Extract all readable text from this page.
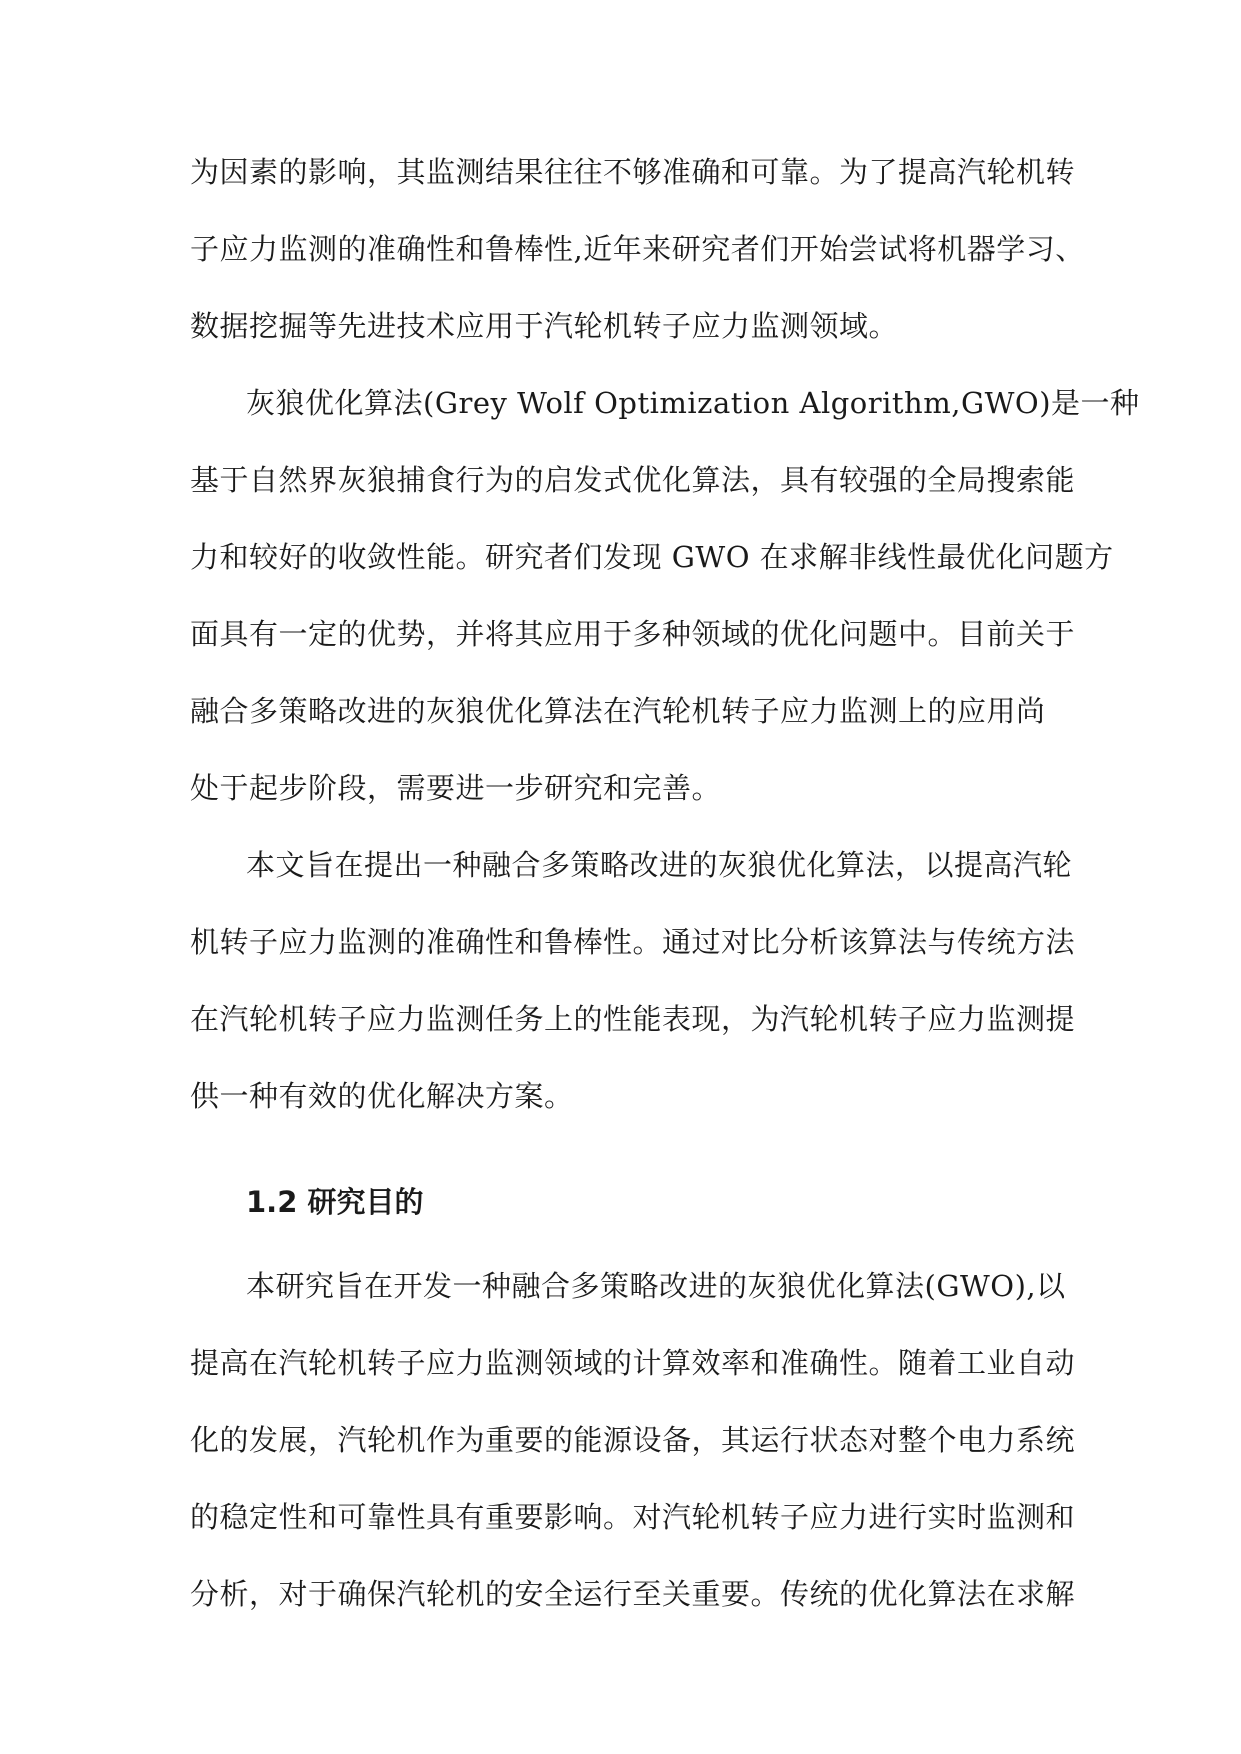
为因素的影响，其监测结果往往不够准确和可靠。为了提高汽轮机转
子应力监测的准确性和鲁棒性,近年来研究者们开始尝试将机器学习、
数据挖掘等先进技术应用于汽轮机转子应力监测领域。
灰狼优化算法(Grey Wolf Optimization Algorithm,GWO)是一种
基于自然界灰狼捕食行为的启发式优化算法，具有较强的全局搜索能
力和较好的收敛性能。研究者们发现 GWO 在求解非线性最优化问题方
面具有一定的优势，并将其应用于多种领域的优化问题中。目前关于
融合多策略改进的灰狼优化算法在汽轮机转子应力监测上的应用尚
处于起步阶段，需要进一步研究和完善。
本文旨在提出一种融合多策略改进的灰狼优化算法，以提高汽轮
机转子应力监测的准确性和鲁棒性。通过对比分析该算法与传统方法
在汽轮机转子应力监测任务上的性能表现，为汽轮机转子应力监测提
供一种有效的优化解决方案。
1.2 研究目的
本研究旨在开发一种融合多策略改进的灰狼优化算法(GWO),以
提高在汽轮机转子应力监测领域的计算效率和准确性。随着工业自动
化的发展，汽轮机作为重要的能源设备，其运行状态对整个电力系统
的稳定性和可靠性具有重要影响。对汽轮机转子应力进行实时监测和
分析，对于确保汽轮机的安全运行至关重要。传统的优化算法在求解
